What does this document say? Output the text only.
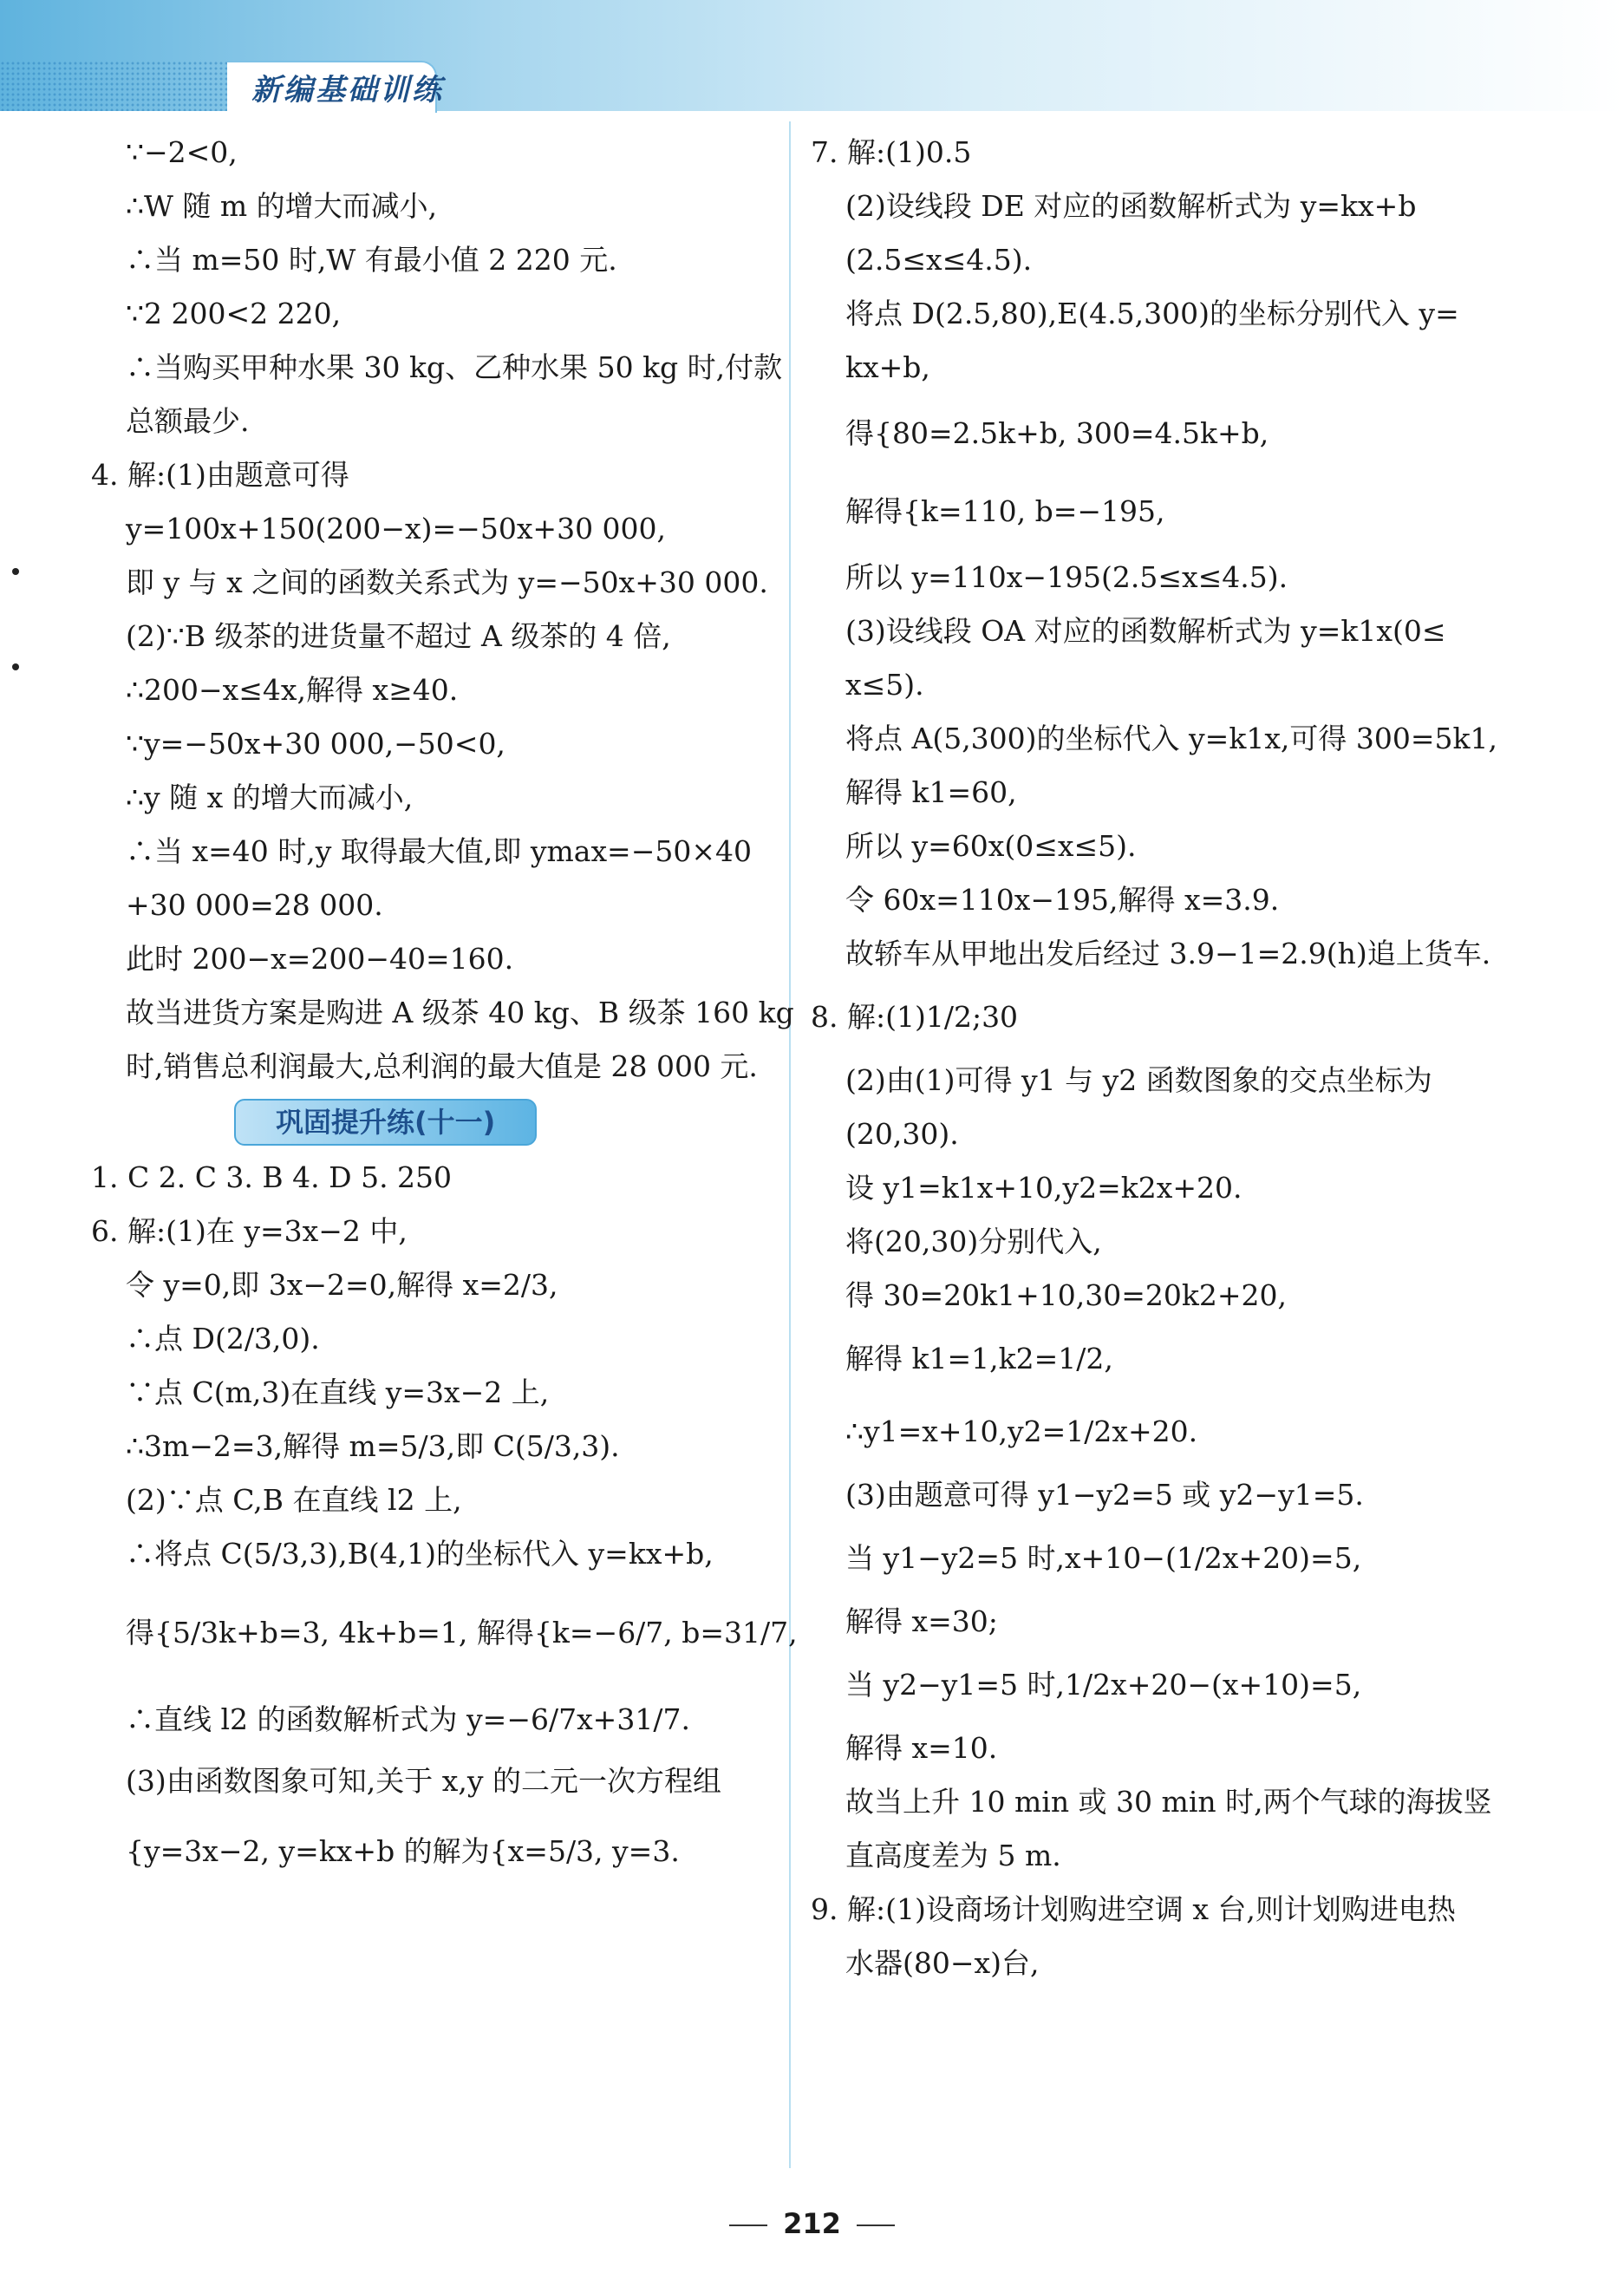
新编基础训练
∵−2<0,
∴W 随 m 的增大而减小,
∴当 m=50 时,W 有最小值 2 220 元.
∵2 200<2 220,
∴当购买甲种水果 30 kg、乙种水果 50 kg 时,付款
总额最少.
4. 解:(1)由题意可得
y=100x+150(200−x)=−50x+30 000,
即 y 与 x 之间的函数关系式为 y=−50x+30 000.
(2)∵B 级茶的进货量不超过 A 级茶的 4 倍,
∴200−x≤4x,解得 x≥40.
∵y=−50x+30 000,−50<0,
∴y 随 x 的增大而减小,
∴当 x=40 时,y 取得最大值,即 ymax=−50×40
+30 000=28 000.
此时 200−x=200−40=160.
故当进货方案是购进 A 级茶 40 kg、B 级茶 160 kg
时,销售总利润最大,总利润的最大值是 28 000 元.
巩固提升练(十一)
1. C 2. C 3. B 4. D 5. 250
6. 解:(1)在 y=3x−2 中,
令 y=0,即 3x−2=0,解得 x=2/3,
∴点 D(2/3,0).
∵点 C(m,3)在直线 y=3x−2 上,
∴3m−2=3,解得 m=5/3,即 C(5/3,3).
(2)∵点 C,B 在直线 l2 上,
∴将点 C(5/3,3),B(4,1)的坐标代入 y=kx+b,
得{5/3k+b=3, 4k+b=1, 解得{k=−6/7, b=31/7,
∴直线 l2 的函数解析式为 y=−6/7x+31/7.
(3)由函数图象可知,关于 x,y 的二元一次方程组
{y=3x−2, y=kx+b 的解为{x=5/3, y=3.
7. 解:(1)0.5
(2)设线段 DE 对应的函数解析式为 y=kx+b
(2.5≤x≤4.5).
将点 D(2.5,80),E(4.5,300)的坐标分别代入 y=
kx+b,
得{80=2.5k+b, 300=4.5k+b,
解得{k=110, b=−195,
所以 y=110x−195(2.5≤x≤4.5).
(3)设线段 OA 对应的函数解析式为 y=k1x(0≤
x≤5).
将点 A(5,300)的坐标代入 y=k1x,可得 300=5k1,
解得 k1=60,
所以 y=60x(0≤x≤5).
令 60x=110x−195,解得 x=3.9.
故轿车从甲地出发后经过 3.9−1=2.9(h)追上货车.
8. 解:(1)1/2;30
(2)由(1)可得 y1 与 y2 函数图象的交点坐标为
(20,30).
设 y1=k1x+10,y2=k2x+20.
将(20,30)分别代入,
得 30=20k1+10,30=20k2+20,
解得 k1=1,k2=1/2,
∴y1=x+10,y2=1/2x+20.
(3)由题意可得 y1−y2=5 或 y2−y1=5.
当 y1−y2=5 时,x+10−(1/2x+20)=5,
解得 x=30;
当 y2−y1=5 时,1/2x+20−(x+10)=5,
解得 x=10.
故当上升 10 min 或 30 min 时,两个气球的海拔竖
直高度差为 5 m.
9. 解:(1)设商场计划购进空调 x 台,则计划购进电热
水器(80−x)台,
212
